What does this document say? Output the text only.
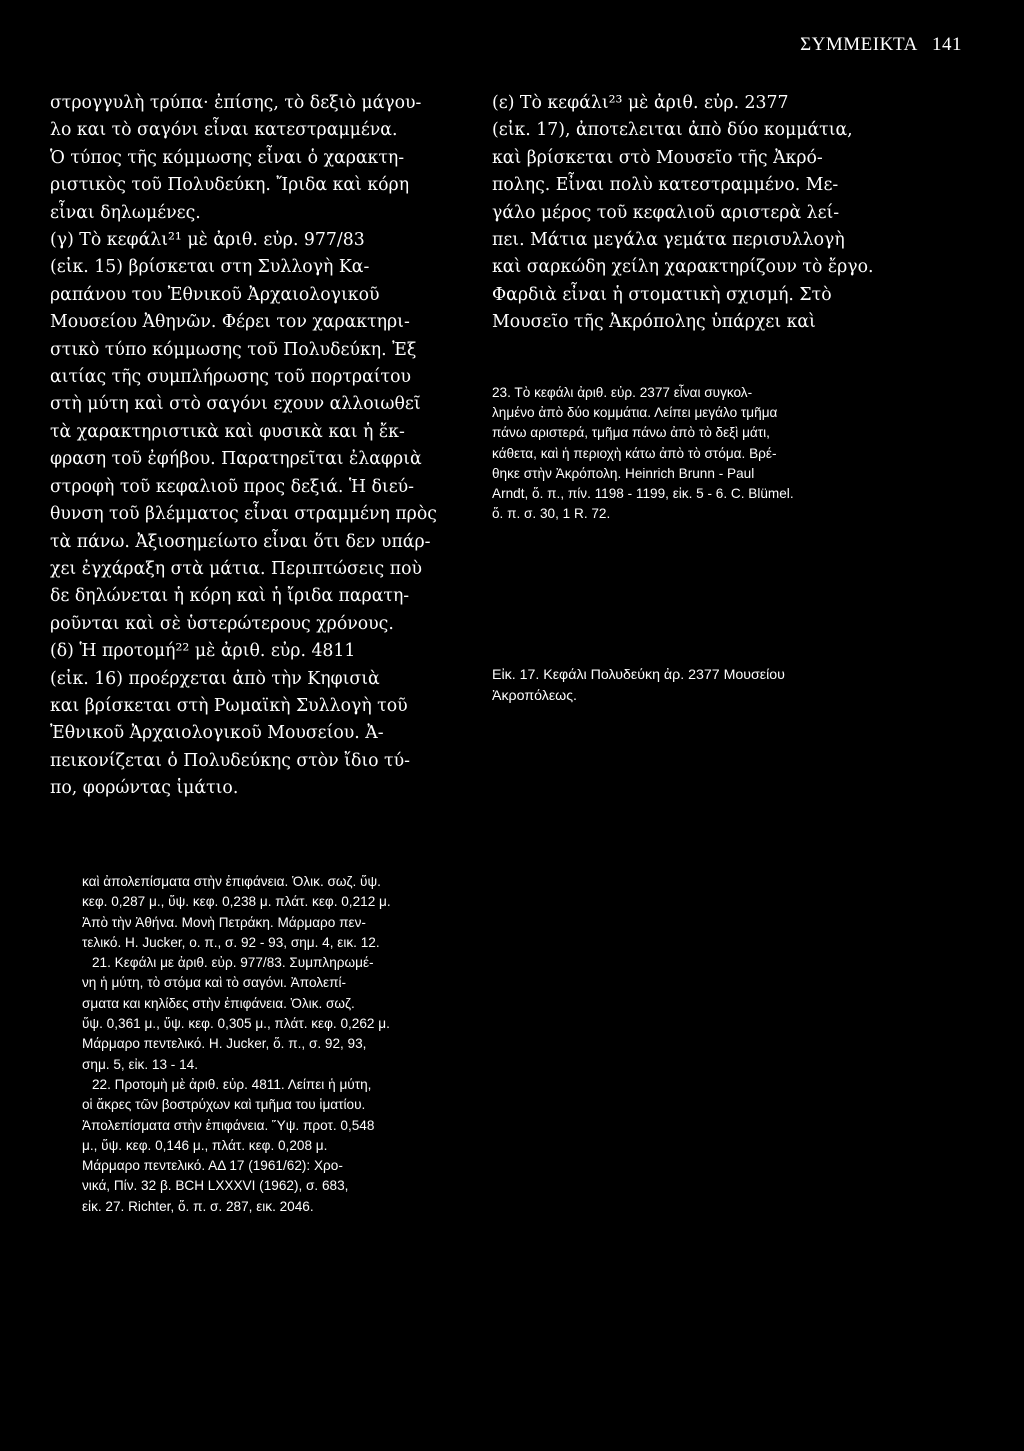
ΣΥΜΜΕΙΚΤΑ 141
στρογγυλὴ τρύπα· ἐπίσης, τὸ δεξιὸ μάγου-
λο και τὸ σαγόνι εἶναι κατεστραμμένα.
Ὁ τύπος τῆς κόμμωσης εἶναι ὁ χαρακτη-
ριστικὸς τοῦ Πολυδεύκη. Ἴριδα καὶ κόρη
εἶναι δηλωμένες.
(γ) Τὸ κεφάλι²¹ μὲ ἀριθ. εὐρ. 977/83
(εἰκ. 15) βρίσκεται στη Συλλογὴ Κα-
ραπάνου του Ἐθνικοῦ Ἀρχαιολογικοῦ
Μουσείου Ἀθηνῶν. Φέρει τον χαρακτηρι-
στικὸ τύπο κόμμωσης τοῦ Πολυδεύκη. Ἐξ
αιτίας τῆς συμπλήρωσης τοῦ πορτραίτου
στὴ μύτη καὶ στὸ σαγόνι εχουν αλλοιωθεῖ
τὰ χαρακτηριστικὰ καὶ φυσικὰ και ἡ ἔκ-
φραση τοῦ ἐφήβου. Παρατηρεῖται ἐλαφριὰ
στροφὴ τοῦ κεφαλιοῦ προς δεξιά. Ἡ διεύ-
θυνση τοῦ βλέμματος εἶναι στραμμένη πρὸς
τὰ πάνω. Ἀξιοσημείωτο εἶναι ὅτι δεν υπάρ-
χει ἐγχάραξη στὰ μάτια. Περιπτώσεις ποὺ
δε δηλώνεται ἡ κόρη καὶ ἡ ἴριδα παρατη-
ροῦνται καὶ σὲ ὑστερώτερους χρόνους.
(δ) Ἡ προτομή²² μὲ ἀριθ. εὐρ. 4811
(εἰκ. 16) προέρχεται ἀπὸ τὴν Κηφισιὰ
και βρίσκεται στὴ Ρωμαϊκὴ Συλλογὴ τοῦ
Ἐθνικοῦ Ἀρχαιολογικοῦ Μουσείου. Ἀ-
πεικονίζεται ὁ Πολυδεύκης στὸν ἴδιο τύ-
πο, φορώντας ἱμάτιο.
(ε) Τὸ κεφάλι²³ μὲ ἀριθ. εὐρ. 2377
(εἰκ. 17), ἀποτελειται ἀπὸ δύο κομμάτια,
καὶ βρίσκεται στὸ Μουσεῖο τῆς Ἀκρό-
πολης. Εἶναι πολὺ κατεστραμμένο. Με-
γάλο μέρος τοῦ κεφαλιοῦ αριστερὰ λεί-
πει. Μάτια μεγάλα γεμάτα περισυλλογὴ
καὶ σαρκώδη χείλη χαρακτηρίζουν τὸ ἔργο.
Φαρδιὰ εἶναι ἡ στοματικὴ σχισμή. Στὸ
Μουσεῖο τῆς Ἀκρόπολης ὑπάρχει καὶ
23. Τὸ κεφάλι ἀριθ. εὐρ. 2377 εἶναι συγκολ-
λημένο ἀπὸ δύο κομμάτια. Λείπει μεγάλο τμῆμα
πάνω αριστερά, τμῆμα πάνω ἀπὸ τὸ δεξὶ μάτι,
κάθετα, καὶ ἡ περιοχὴ κάτω ἀπὸ τὸ στόμα. Βρέ-
θηκε στὴν Ἀκρόπολη. Heinrich Brunn - Paul
Arndt, ὅ. π., πίν. 1198 - 1199, εἰκ. 5 - 6. C. Blümel.
ὅ. π. σ. 30, 1 R. 72.
Εἰκ. 17. Κεφάλι Πολυδεύκη ἀρ. 2377 Μουσείου
Ἀκροπόλεως.
καὶ ἀπολεπίσματα στὴν ἐπιφάνεια. Ὁλικ. σωζ. ὕψ.
κεφ. 0,287 μ., ὕψ. κεφ. 0,238 μ. πλάτ. κεφ. 0,212 μ.
Ἀπὸ τὴν Ἀθήνα. Μονὴ Πετράκη. Μάρμαρο πεν-
τελικό. H. Jucker, o. π., σ. 92 - 93, σημ. 4, εικ. 12.
21. Κεφάλι με ἀριθ. εὐρ. 977/83. Συμπληρωμέ-
νη ἡ μύτη, τὸ στόμα καὶ τὸ σαγόνι. Ἀπολεπί-
σματα και κηλίδες στὴν ἐπιφάνεια. Ὁλικ. σωζ.
ὕψ. 0,361 μ., ὕψ. κεφ. 0,305 μ., πλάτ. κεφ. 0,262 μ.
Μάρμαρο πεντελικό. H. Jucker, ὅ. π., σ. 92, 93,
σημ. 5, εἰκ. 13 - 14.
22. Προτομὴ μὲ ἀριθ. εὐρ. 4811. Λείπει ἡ μύτη,
οἱ ἄκρες τῶν βοστρύχων καὶ τμῆμα του ἱματίου.
Ἀπολεπίσματα στὴν ἐπιφάνεια. Ὕψ. προτ. 0,548
μ., ὕψ. κεφ. 0,146 μ., πλάτ. κεφ. 0,208 μ.
Μάρμαρο πεντελικό. ΑΔ 17 (1961/62): Χρο-
νικά, Πίν. 32 β. BCH LXXXVI (1962), σ. 683,
εἰκ. 27. Richter, ὅ. π. σ. 287, εικ. 2046.
